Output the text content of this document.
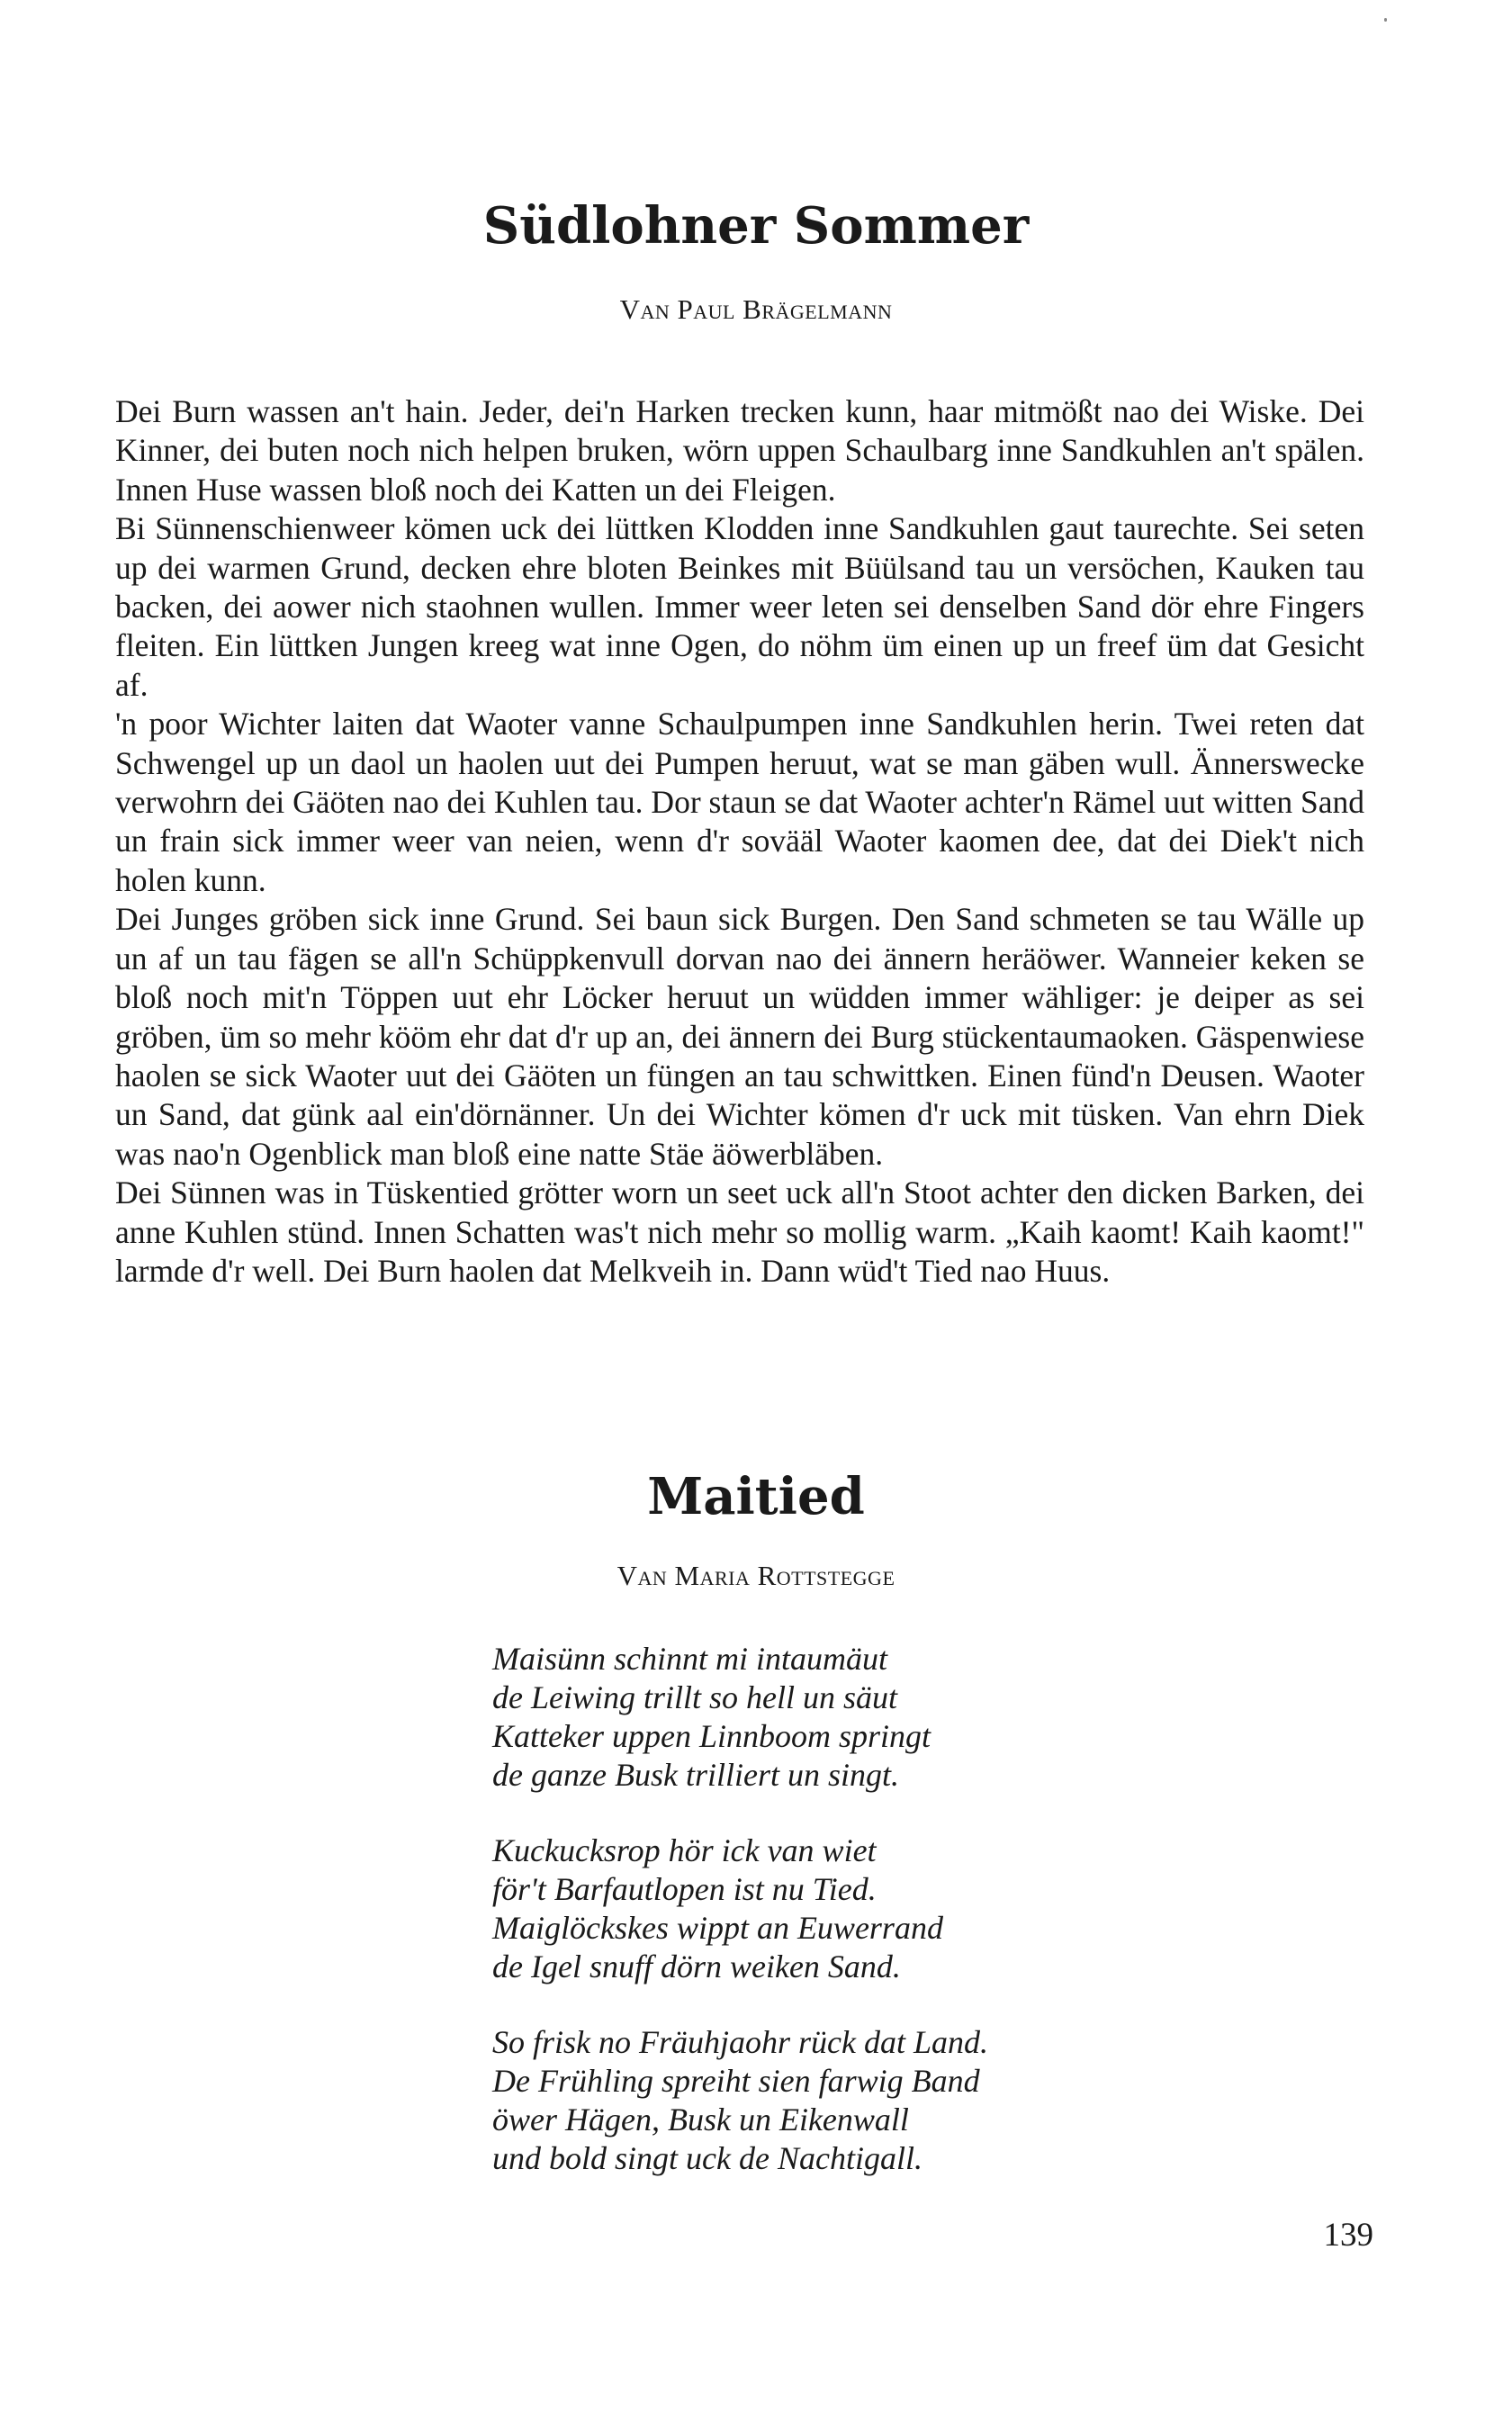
Südlohner Sommer
Van Paul Brägelmann

Dei Burn wassen an't hain. Jeder, dei'n Harken trecken kunn, haar mitmößt nao dei Wiske. Dei Kinner, dei buten noch nich helpen bruken, wörn uppen Schaulbarg inne Sandkuhlen an't spälen. Innen Huse wassen bloß noch dei Katten un dei Fleigen.

Bi Sünnenschienweer kömen uck dei lüttken Klodden inne Sandkuhlen gaut taurechte. Sei seten up dei warmen Grund, decken ehre bloten Beinkes mit Büülsand tau un versöchen, Kauken tau backen, dei aower nich staohnen wullen. Immer weer leten sei denselben Sand dör ehre Fingers fleiten. Ein lüttken Jungen kreeg wat inne Ogen, do nöhm üm einen up un freef üm dat Gesicht af.

'n poor Wichter laiten dat Waoter vanne Schaulpumpen inne Sandkuhlen herin. Twei reten dat Schwengel up un daol un haolen uut dei Pumpen heruut, wat se man gäben wull. Ännerswecke verwohrn dei Gäöten nao dei Kuhlen tau. Dor staun se dat Waoter achter'n Rämel uut witten Sand un frain sick immer weer van neien, wenn d'r sovääl Waoter kaomen dee, dat dei Diek't nich holen kunn.

Dei Junges gröben sick inne Grund. Sei baun sick Burgen. Den Sand schmeten se tau Wälle up un af un tau fägen se all'n Schüppkenvull dorvan nao dei ännern heräöwer. Wanneier keken se bloß noch mit'n Töppen uut ehr Löcker heruut un wüdden immer wähliger: je deiper as sei gröben, üm so mehr kööm ehr dat d'r up an, dei ännern dei Burg stückentaumaoken. Gäspenwiese haolen se sick Waoter uut dei Gäöten un füngen an tau schwittken. Einen fünd'n Deusen. Waoter un Sand, dat günk aal ein'dörnänner. Un dei Wichter kömen d'r uck mit tüsken. Van ehrn Diek was nao'n Ogenblick man bloß eine natte Stäe äöwerbläben.

Dei Sünnen was in Tüskentied grötter worn un seet uck all'n Stoot achter den dicken Barken, dei anne Kuhlen stünd. Innen Schatten was't nich mehr so mollig warm. „Kaih kaomt! Kaih kaomt!" larmde d'r well. Dei Burn haolen dat Melkveih in. Dann wüd't Tied nao Huus.

Maitied
Van Maria Rottstegge
Maisünn schinnt mi intaumäut
de Leiwing trillt so hell un säut
Katteker uppen Linnboom springt
de ganze Busk trilliert un singt.
Kuckucksrop hör ick van wiet
för't Barfautlopen ist nu Tied.
Maiglöckskes wippt an Euwerrand
de Igel snuff dörn weiken Sand.
So frisk no Fräuhjaohr rück dat Land.
De Frühling spreiht sien farwig Band
öwer Hägen, Busk un Eikenwall
und bold singt uck de Nachtigall.
139
